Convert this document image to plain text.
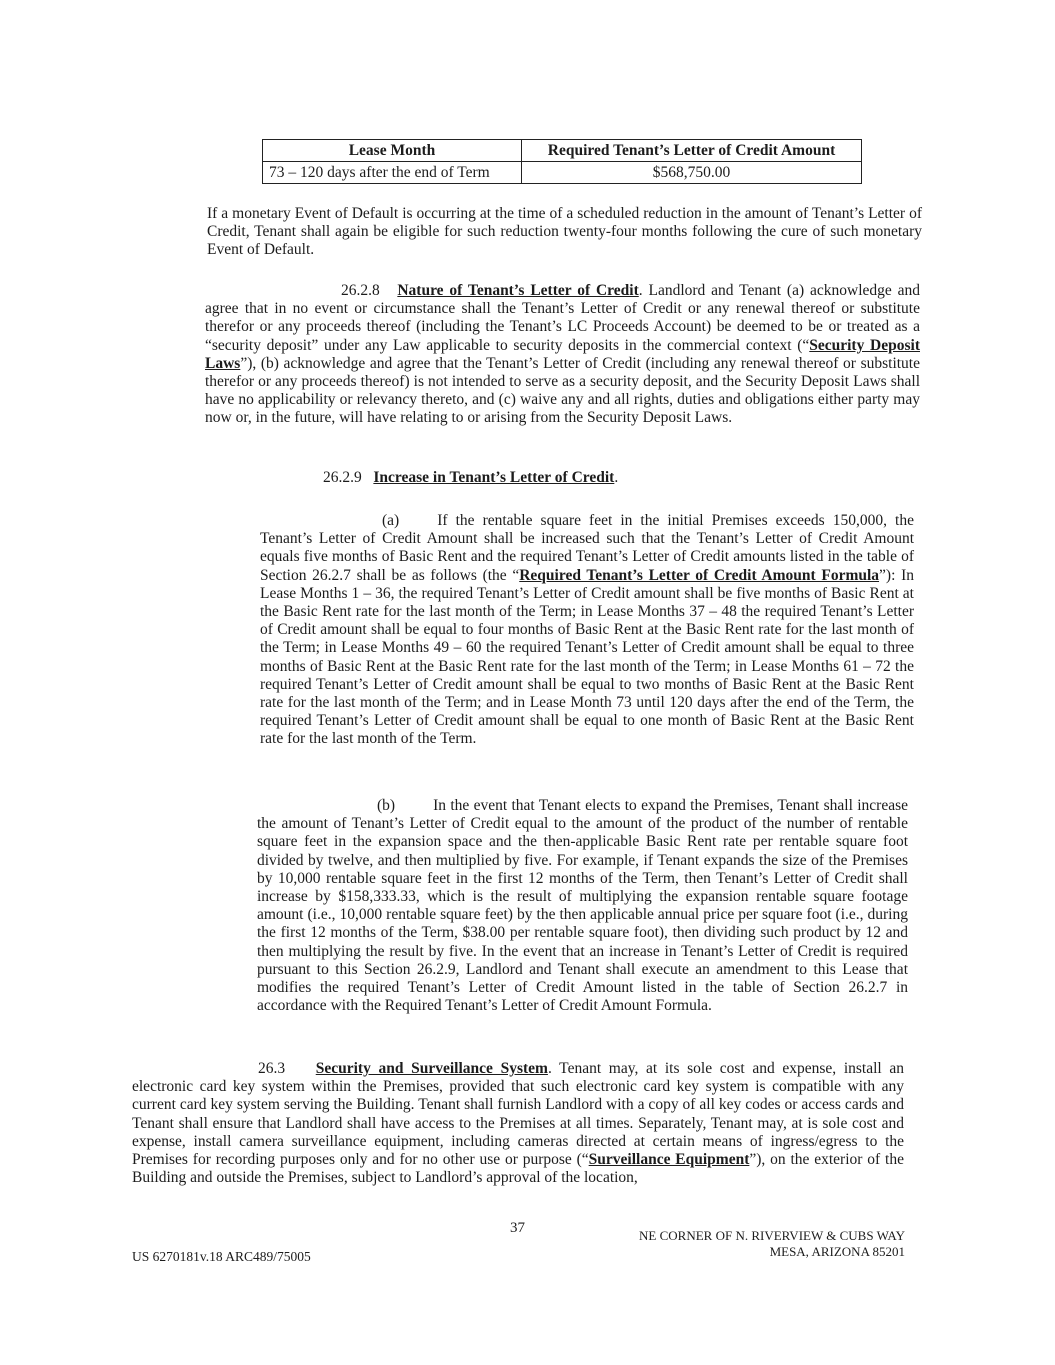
Lease Month	Required Tenant’s Letter of Credit Amount
73 – 120 days after the end of Term	$568,750.00

If a monetary Event of Default is occurring at the time of a scheduled reduction in the amount of Tenant’s Letter of Credit, Tenant shall again be eligible for such reduction twenty-four months following the cure of such monetary Event of Default.

26.2.8 Nature of Tenant’s Letter of Credit. Landlord and Tenant (a) acknowledge and agree that in no event or circumstance shall the Tenant’s Letter of Credit or any renewal thereof or substitute therefor or any proceeds thereof (including the Tenant’s LC Proceeds Account) be deemed to be or treated as a “security deposit” under any Law applicable to security deposits in the commercial context (“Security Deposit Laws”), (b) acknowledge and agree that the Tenant’s Letter of Credit (including any renewal thereof or substitute therefor or any proceeds thereof) is not intended to serve as a security deposit, and the Security Deposit Laws shall have no applicability or relevancy thereto, and (c) waive any and all rights, duties and obligations either party may now or, in the future, will have relating to or arising from the Security Deposit Laws.

26.2.9 Increase in Tenant’s Letter of Credit.

(a) If the rentable square feet in the initial Premises exceeds 150,000, the Tenant’s Letter of Credit Amount shall be increased such that the Tenant’s Letter of Credit Amount equals five months of Basic Rent and the required Tenant’s Letter of Credit amounts listed in the table of Section 26.2.7 shall be as follows (the “Required Tenant’s Letter of Credit Amount Formula”): In Lease Months 1 – 36, the required Tenant’s Letter of Credit amount shall be five months of Basic Rent at the Basic Rent rate for the last month of the Term; in Lease Months 37 – 48 the required Tenant’s Letter of Credit amount shall be equal to four months of Basic Rent at the Basic Rent rate for the last month of the Term; in Lease Months 49 – 60 the required Tenant’s Letter of Credit amount shall be equal to three months of Basic Rent at the Basic Rent rate for the last month of the Term; in Lease Months 61 – 72 the required Tenant’s Letter of Credit amount shall be equal to two months of Basic Rent at the Basic Rent rate for the last month of the Term; and in Lease Month 73 until 120 days after the end of the Term, the required Tenant’s Letter of Credit amount shall be equal to one month of Basic Rent at the Basic Rent rate for the last month of the Term.

(b) In the event that Tenant elects to expand the Premises, Tenant shall increase the amount of Tenant’s Letter of Credit equal to the amount of the product of the number of rentable square feet in the expansion space and the then-applicable Basic Rent rate per rentable square foot divided by twelve, and then multiplied by five. For example, if Tenant expands the size of the Premises by 10,000 rentable square feet in the first 12 months of the Term, then Tenant’s Letter of Credit shall increase by $158,333.33, which is the result of multiplying the expansion rentable square footage amount (i.e., 10,000 rentable square feet) by the then applicable annual price per square foot (i.e., during the first 12 months of the Term, $38.00 per rentable square foot), then dividing such product by 12 and then multiplying the result by five. In the event that an increase in Tenant’s Letter of Credit is required pursuant to this Section 26.2.9, Landlord and Tenant shall execute an amendment to this Lease that modifies the required Tenant’s Letter of Credit Amount listed in the table of Section 26.2.7 in accordance with the Required Tenant’s Letter of Credit Amount Formula.

26.3 Security and Surveillance System. Tenant may, at its sole cost and expense, install an electronic card key system within the Premises, provided that such electronic card key system is compatible with any current card key system serving the Building. Tenant shall furnish Landlord with a copy of all key codes or access cards and Tenant shall ensure that Landlord shall have access to the Premises at all times. Separately, Tenant may, at is sole cost and expense, install camera surveillance equipment, including cameras directed at certain means of ingress/egress to the Premises for recording purposes only and for no other use or purpose (“Surveillance Equipment”), on the exterior of the Building and outside the Premises, subject to Landlord’s approval of the location,

37	NE CORNER OF N. RIVERVIEW & CUBS WAY
MESA, ARIZONA 85201

US 6270181v.18 ARC489/75005
